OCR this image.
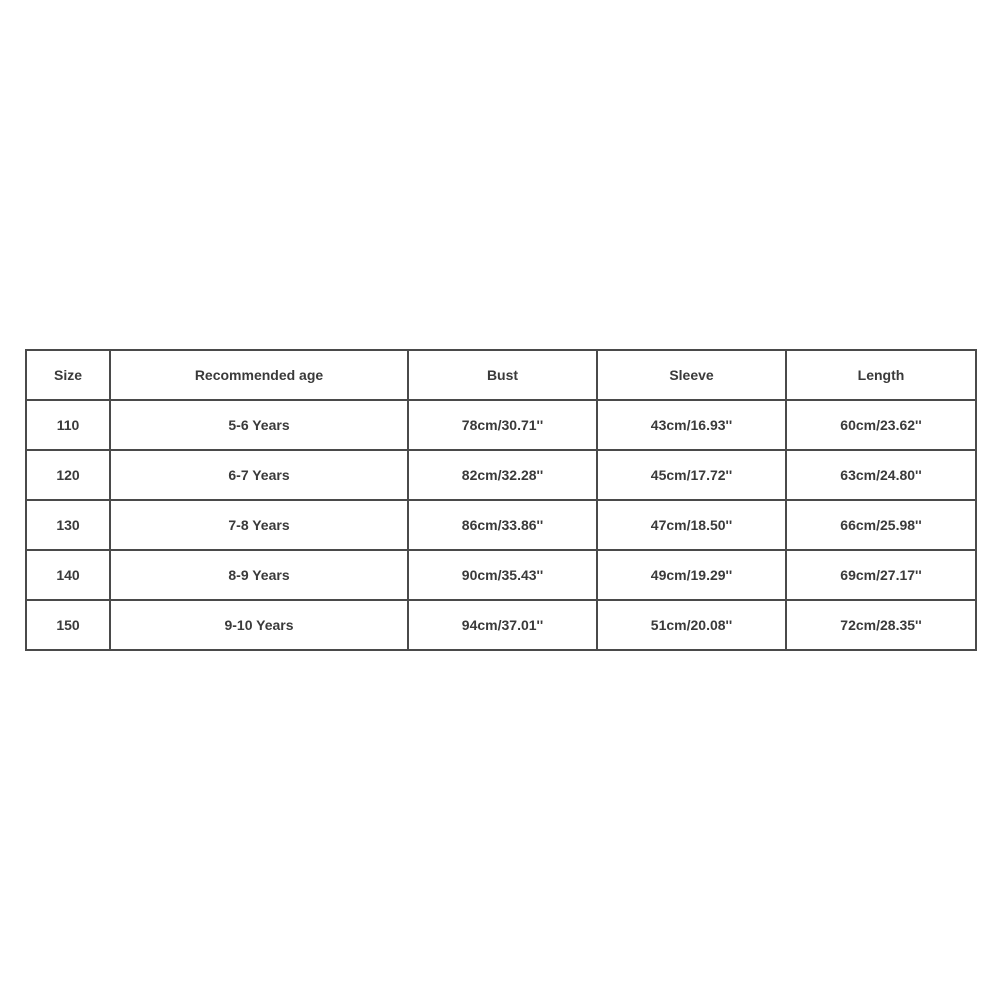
Size	Recommended age	Bust	Sleeve	Length
110	5-6 Years	78cm/30.71''	43cm/16.93''	60cm/23.62''
120	6-7 Years	82cm/32.28''	45cm/17.72''	63cm/24.80''
130	7-8 Years	86cm/33.86''	47cm/18.50''	66cm/25.98''
140	8-9 Years	90cm/35.43''	49cm/19.29''	69cm/27.17''
150	9-10 Years	94cm/37.01''	51cm/20.08''	72cm/28.35''
